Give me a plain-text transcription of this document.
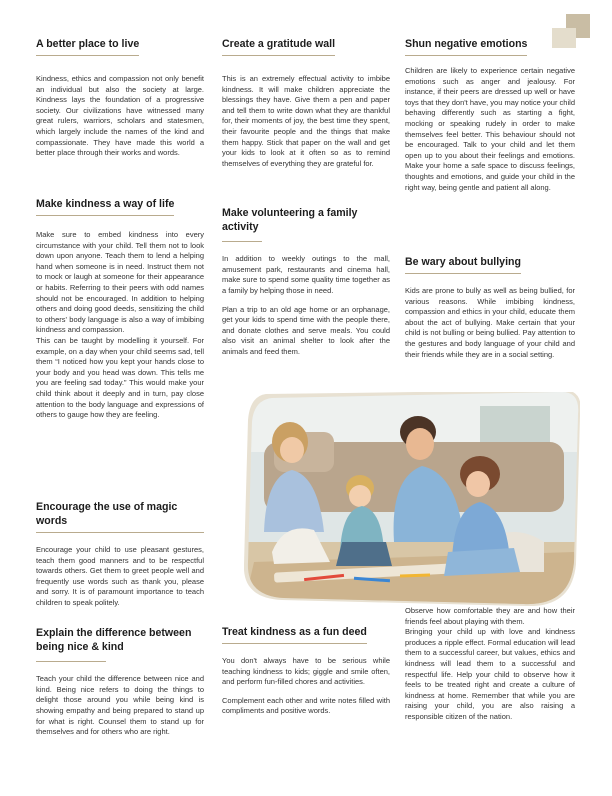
A better place to live

Kindness, ethics and compassion not only benefit an individual but also the society at large. Kindness lays the foundation of a progressive society. Our civilizations have witnessed many great rulers, warriors, scholars and statesmen, which largely include the names of the kind and compassionate. They have made this world a better place through their works and words.

Make kindness a way of life

Make sure to embed kindness into every circumstance with your child. Tell them not to look down upon anyone. Teach them to lend a helping hand when someone is in need. Instruct them not to mock or laugh at someone for their appearance or habits. Referring to their peers with odd names should not be encouraged. In addition to helping others and doing good deeds, sensitizing the child to others' body language is also a way of imbibing kindness and compassion.

This can be taught by modelling it yourself. For example, on a day when your child seems sad, tell them “I noticed how you kept your hands close to your body and you head was down. This tells me you are feeling sad today.” This would make your child think about it deeply and in turn, pay close attention to the body language and expressions of others to gauge how they are feeling.

Encourage the use of magic words

Encourage your child to use pleasant gestures, teach them good manners and to be respectful towards others. Get them to greet people well and frequently use words such as thank you, please and sorry. It is of paramount importance to teach children to speak politely.

Explain the difference between being nice & kind

Teach your child the difference between nice and kind. Being nice refers to doing the things to delight those around you while being kind is showing empathy and being prepared to stand up for what is right. Counsel them to stand up for themselves and for others who are right.

Create a gratitude wall

This is an extremely effectual activity to imbibe kindness. It will make children appreciate the blessings they have. Give them a pen and paper and tell them to write down what they are thankful for, their moments of joy, the best time they spent, their favourite people and the things that make them happy. Stick that paper on the wall and get your kids to look at it often so as to remind themselves of everything they are grateful for.

Make volunteering a family activity

In addition to weekly outings to the mall, amusement park, restaurants and cinema hall, make sure to spend some quality time together as a family by helping those in need.

Plan a trip to an old age home or an orphanage, get your kids to spend time with the people there, and donate clothes and serve meals. You could also visit an animal shelter to look after the animals and feed them.

Treat kindness as a fun deed

You don't always have to be serious while teaching kindness to kids; giggle and smile often, and perform fun-filled chores and activities.

Complement each other and write notes filled with compliments and positive words.

Shun negative emotions

Children are likely to experience certain negative emotions such as anger and jealousy. For instance, if their peers are dressed up well or have toys that they don't have, you may notice your child behaving differently such as starting a fight, mocking or speaking rudely in order to make themselves feel better. This behaviour should not be encouraged. Talk to your child and let them open up to you about their feelings and emotions. Make your home a safe space to discuss feelings, thoughts and emotions, and guide your child in the right way, being gentle and patient all along.

Be wary about bullying

Kids are prone to bully as well as being bullied, for various reasons. While imbibing kindness, compassion and ethics in your child, educate them about the act of bullying. Make certain that your child is not bulling or being bullied. Pay attention to the gestures and body language of your child and their friends while they are in a social setting.

Observe how comfortable they are and how their friends feel about playing with them.

Bringing your child up with love and kindness produces a ripple effect. Formal education will lead them to a successful career, but values, ethics and kindness will lead them to a successful and respectful life. Help your child to observe how it feels to be treated right and create a culture of kindness at home. Remember that while you are raising your child, you are also raising a responsible citizen of the nation.
